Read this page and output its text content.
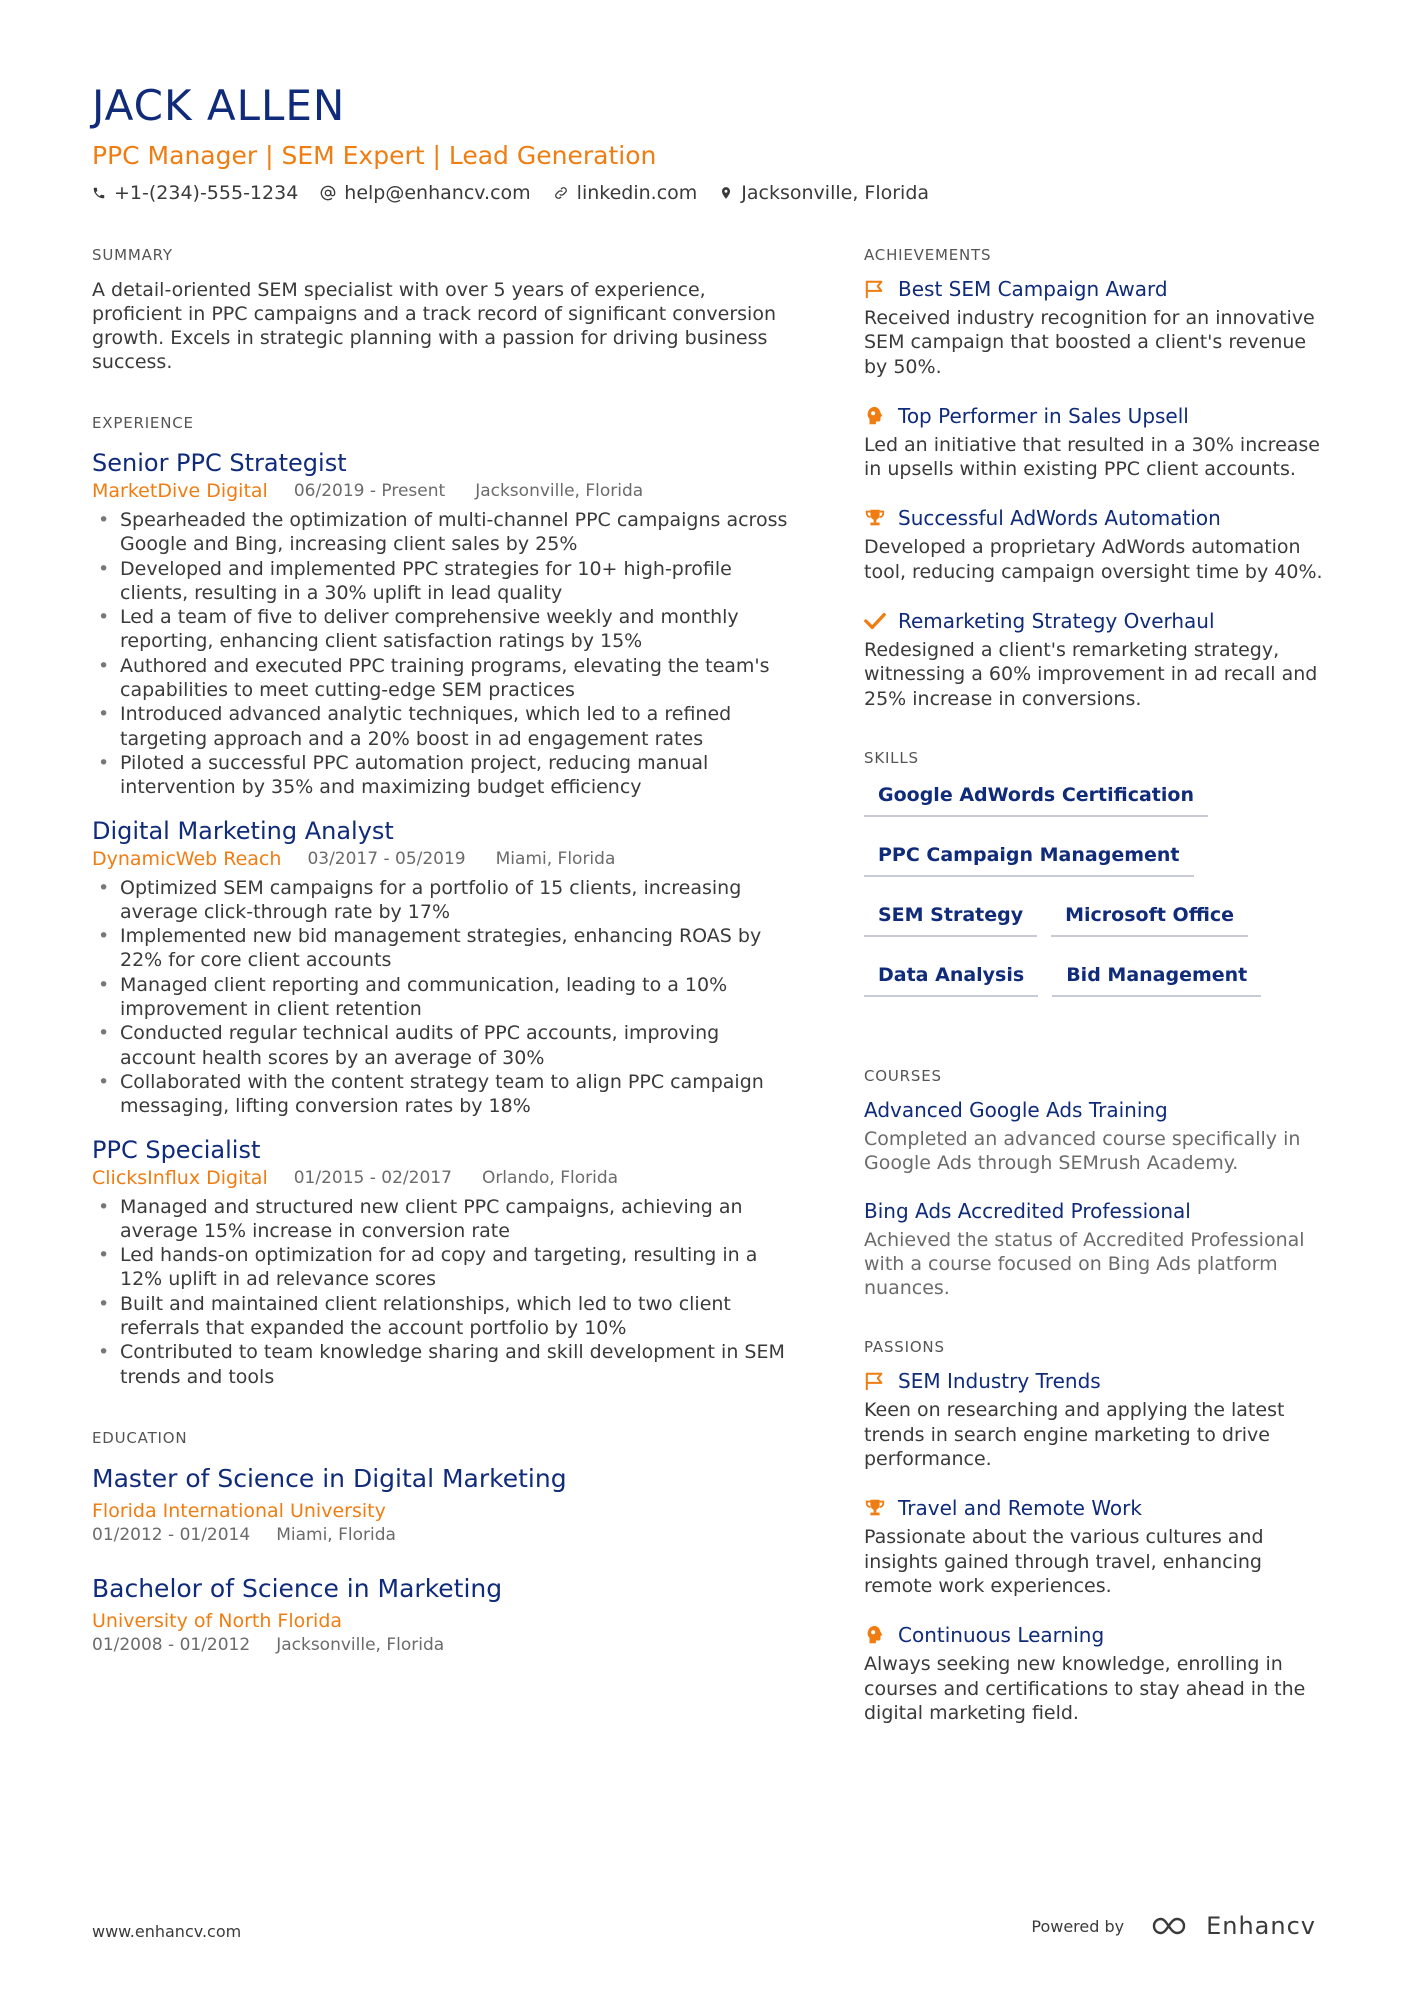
JACK ALLEN
PPC Manager | SEM Expert | Lead Generation
+1-(234)-555-1234 help@enhancv.com linkedin.com Jacksonville, Florida
SUMMARY
A detail-oriented SEM specialist with over 5 years of experience, proficient in PPC campaigns and a track record of significant conversion growth. Excels in strategic planning with a passion for driving business success.
EXPERIENCE
Senior PPC Strategist
MarketDive Digital 06/2019 - Present Jacksonville, Florida
• Spearheaded the optimization of multi-channel PPC campaigns across Google and Bing, increasing client sales by 25%
• Developed and implemented PPC strategies for 10+ high-profile clients, resulting in a 30% uplift in lead quality
• Led a team of five to deliver comprehensive weekly and monthly reporting, enhancing client satisfaction ratings by 15%
• Authored and executed PPC training programs, elevating the team's capabilities to meet cutting-edge SEM practices
• Introduced advanced analytic techniques, which led to a refined targeting approach and a 20% boost in ad engagement rates
• Piloted a successful PPC automation project, reducing manual intervention by 35% and maximizing budget efficiency
Digital Marketing Analyst
DynamicWeb Reach 03/2017 - 05/2019 Miami, Florida
• Optimized SEM campaigns for a portfolio of 15 clients, increasing average click-through rate by 17%
• Implemented new bid management strategies, enhancing ROAS by 22% for core client accounts
• Managed client reporting and communication, leading to a 10% improvement in client retention
• Conducted regular technical audits of PPC accounts, improving account health scores by an average of 30%
• Collaborated with the content strategy team to align PPC campaign messaging, lifting conversion rates by 18%
PPC Specialist
ClicksInflux Digital 01/2015 - 02/2017 Orlando, Florida
• Managed and structured new client PPC campaigns, achieving an average 15% increase in conversion rate
• Led hands-on optimization for ad copy and targeting, resulting in a 12% uplift in ad relevance scores
• Built and maintained client relationships, which led to two client referrals that expanded the account portfolio by 10%
• Contributed to team knowledge sharing and skill development in SEM trends and tools
EDUCATION
Master of Science in Digital Marketing
Florida International University
01/2012 - 01/2014 Miami, Florida
Bachelor of Science in Marketing
University of North Florida
01/2008 - 01/2012 Jacksonville, Florida
ACHIEVEMENTS
Best SEM Campaign Award
Received industry recognition for an innovative SEM campaign that boosted a client's revenue by 50%.
Top Performer in Sales Upsell
Led an initiative that resulted in a 30% increase in upsells within existing PPC client accounts.
Successful AdWords Automation
Developed a proprietary AdWords automation tool, reducing campaign oversight time by 40%.
Remarketing Strategy Overhaul
Redesigned a client's remarketing strategy, witnessing a 60% improvement in ad recall and 25% increase in conversions.
SKILLS
Google AdWords Certification
PPC Campaign Management
SEM Strategy	Microsoft Office
Data Analysis	Bid Management
COURSES
Advanced Google Ads Training
Completed an advanced course specifically in Google Ads through SEMrush Academy.
Bing Ads Accredited Professional
Achieved the status of Accredited Professional with a course focused on Bing Ads platform nuances.
PASSIONS
SEM Industry Trends
Keen on researching and applying the latest trends in search engine marketing to drive performance.
Travel and Remote Work
Passionate about the various cultures and insights gained through travel, enhancing remote work experiences.
Continuous Learning
Always seeking new knowledge, enrolling in courses and certifications to stay ahead in the digital marketing field.
www.enhancv.com	Powered by	Enhancv
